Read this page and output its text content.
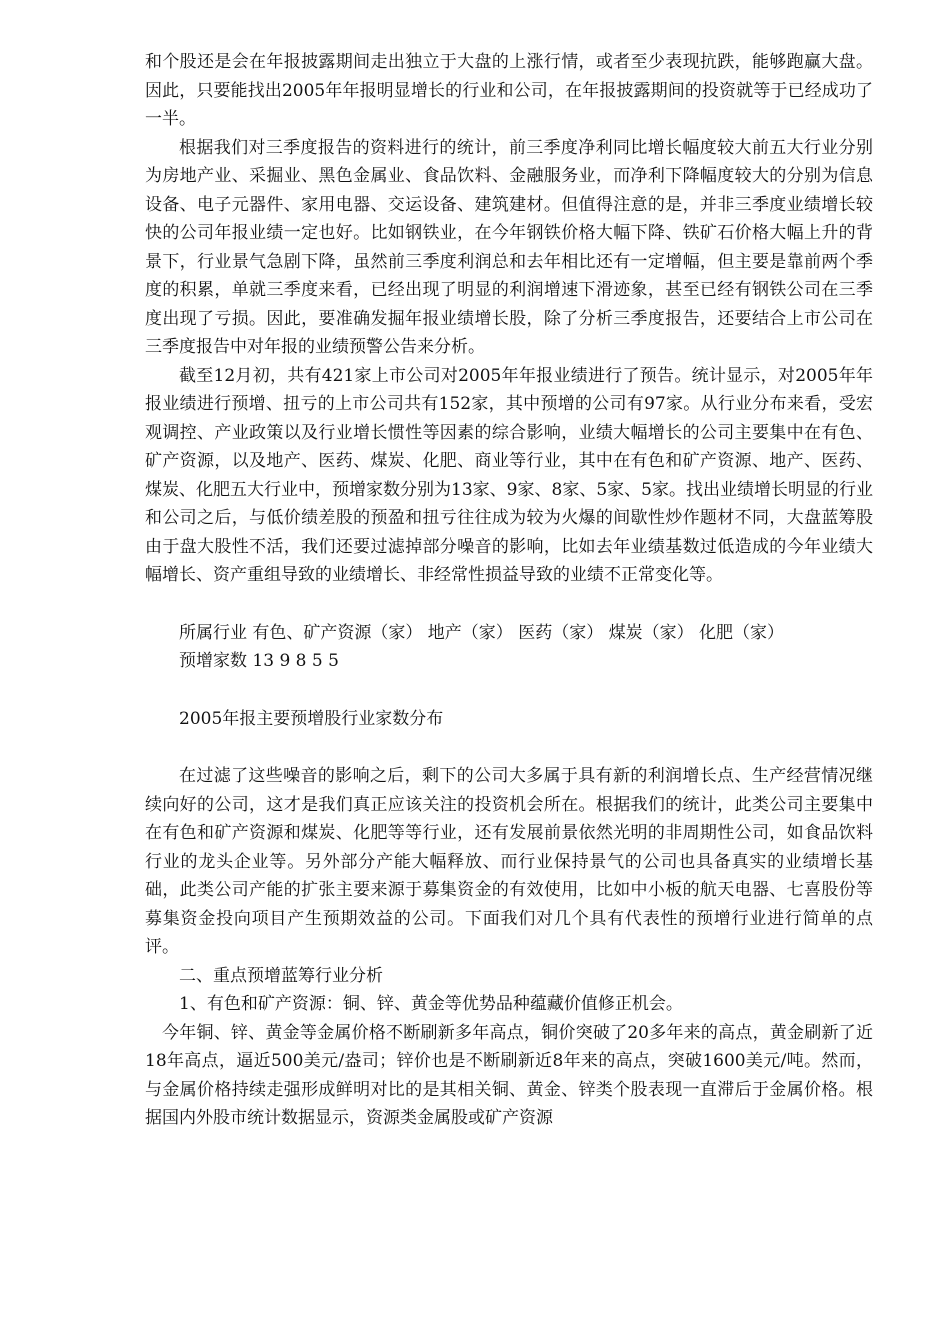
和个股还是会在年报披露期间走出独立于大盘的上涨行情，或者至少表现抗跌，能够跑赢大盘。因此，只要能找出2005年年报明显增长的行业和公司，在年报披露期间的投资就等于已经成功了一半。

根据我们对三季度报告的资料进行的统计，前三季度净利同比增长幅度较大前五大行业分别为房地产业、采掘业、黑色金属业、食品饮料、金融服务业，而净利下降幅度较大的分别为信息设备、电子元器件、家用电器、交运设备、建筑建材。但值得注意的是，并非三季度业绩增长较快的公司年报业绩一定也好。比如钢铁业，在今年钢铁价格大幅下降、铁矿石价格大幅上升的背景下，行业景气急剧下降，虽然前三季度利润总和去年相比还有一定增幅，但主要是靠前两个季度的积累，单就三季度来看，已经出现了明显的利润增速下滑迹象，甚至已经有钢铁公司在三季度出现了亏损。因此，要准确发掘年报业绩增长股，除了分析三季度报告，还要结合上市公司在三季度报告中对年报的业绩预警公告来分析。

截至12月初，共有421家上市公司对2005年年报业绩进行了预告。统计显示，对2005年年报业绩进行预增、扭亏的上市公司共有152家，其中预增的公司有97家。从行业分布来看，受宏观调控、产业政策以及行业增长惯性等因素的综合影响，业绩大幅增长的公司主要集中在有色、矿产资源，以及地产、医药、煤炭、化肥、商业等行业，其中在有色和矿产资源、地产、医药、煤炭、化肥五大行业中，预增家数分别为13家、9家、8家、5家、5家。找出业绩增长明显的行业和公司之后，与低价绩差股的预盈和扭亏往往成为较为火爆的间歇性炒作题材不同，大盘蓝筹股由于盘大股性不活，我们还要过滤掉部分噪音的影响，比如去年业绩基数过低造成的今年业绩大幅增长、资产重组导致的业绩增长、非经常性损益导致的业绩不正常变化等。

所属行业 有色、矿产资源（家） 地产（家） 医药（家） 煤炭（家） 化肥（家）

预增家数 13 9 8 5 5

2005年报主要预增股行业家数分布

在过滤了这些噪音的影响之后，剩下的公司大多属于具有新的利润增长点、生产经营情况继续向好的公司，这才是我们真正应该关注的投资机会所在。根据我们的统计，此类公司主要集中在有色和矿产资源和煤炭、化肥等等行业，还有发展前景依然光明的非周期性公司，如食品饮料行业的龙头企业等。另外部分产能大幅释放、而行业保持景气的公司也具备真实的业绩增长基础，此类公司产能的扩张主要来源于募集资金的有效使用，比如中小板的航天电器、七喜股份等募集资金投向项目产生预期效益的公司。下面我们对几个具有代表性的预增行业进行简单的点评。

二、重点预增蓝筹行业分析

1、有色和矿产资源：铜、锌、黄金等优势品种蕴藏价值修正机会。

今年铜、锌、黄金等金属价格不断刷新多年高点，铜价突破了20多年来的高点，黄金刷新了近18年高点，逼近500美元/盎司；锌价也是不断刷新近8年来的高点，突破1600美元/吨。然而，与金属价格持续走强形成鲜明对比的是其相关铜、黄金、锌类个股表现一直滞后于金属价格。根据国内外股市统计数据显示，资源类金属股或矿产资源
